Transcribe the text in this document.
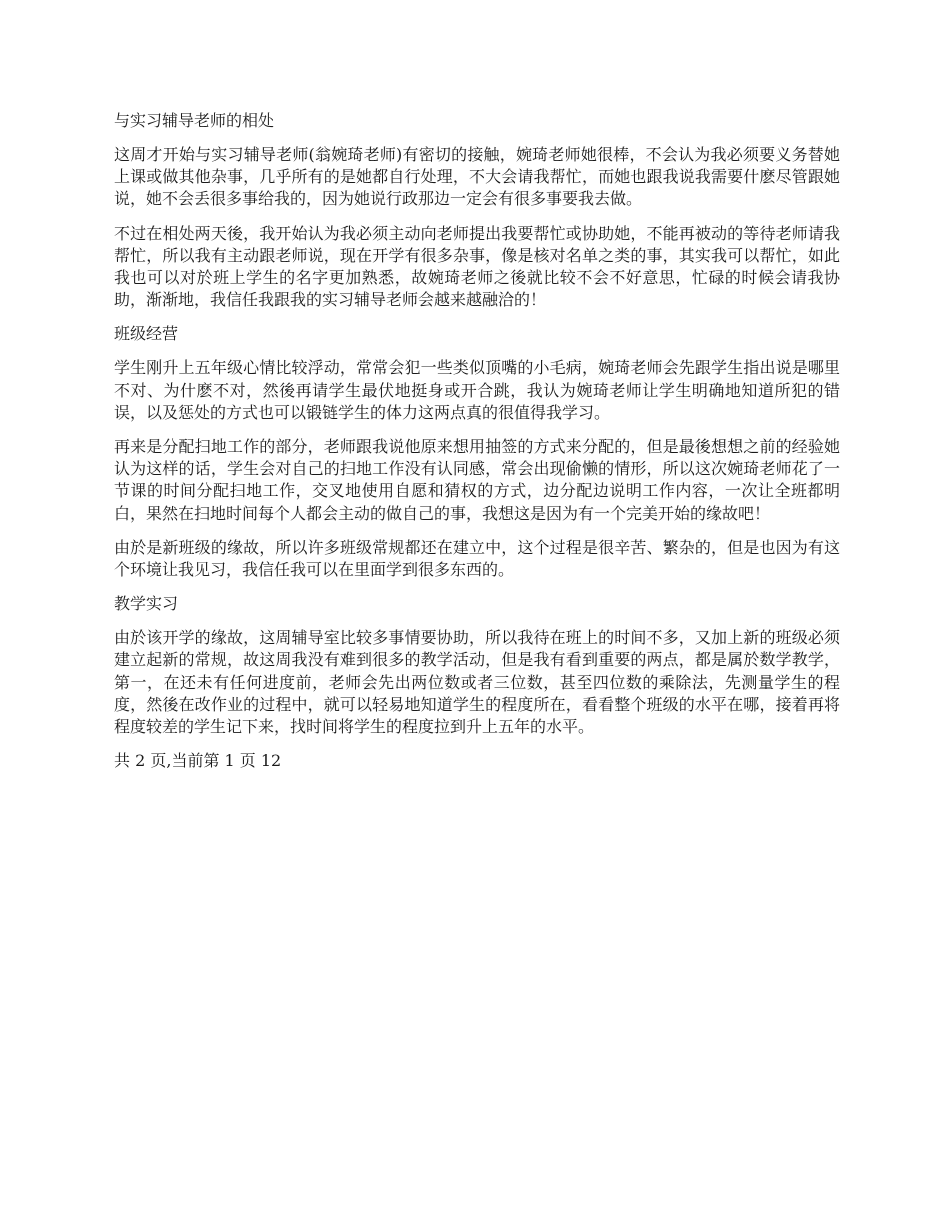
与实习辅导老师的相处

这周才开始与实习辅导老师(翁婉琦老师)有密切的接触，婉琦老师她很棒，不会认为我必须要义务替她上课或做其他杂事，几乎所有的是她都自行处理，不大会请我帮忙，而她也跟我说我需要什麽尽管跟她说，她不会丢很多事给我的，因为她说行政那边一定会有很多事要我去做。

不过在相处两天後，我开始认为我必须主动向老师提出我要帮忙或协助她，不能再被动的等待老师请我帮忙，所以我有主动跟老师说，现在开学有很多杂事，像是核对名单之类的事，其实我可以帮忙，如此我也可以对於班上学生的名字更加熟悉，故婉琦老师之後就比较不会不好意思，忙碌的时候会请我协助，渐渐地，我信任我跟我的实习辅导老师会越来越融洽的！

班级经营

学生刚升上五年级心情比较浮动，常常会犯一些类似顶嘴的小毛病，婉琦老师会先跟学生指出说是哪里不对、为什麽不对，然後再请学生最伏地挺身或开合跳，我认为婉琦老师让学生明确地知道所犯的错误，以及惩处的方式也可以锻链学生的体力这两点真的很值得我学习。

再来是分配扫地工作的部分，老师跟我说他原来想用抽签的方式来分配的，但是最後想想之前的经验她认为这样的话，学生会对自己的扫地工作没有认同感，常会出现偷懒的情形，所以这次婉琦老师花了一节课的时间分配扫地工作，交叉地使用自愿和猜权的方式，边分配边说明工作内容，一次让全班都明白，果然在扫地时间每个人都会主动的做自己的事，我想这是因为有一个完美开始的缘故吧！

由於是新班级的缘故，所以许多班级常规都还在建立中，这个过程是很辛苦、繁杂的，但是也因为有这个环境让我见习，我信任我可以在里面学到很多东西的。

教学实习

由於该开学的缘故，这周辅导室比较多事情要协助，所以我待在班上的时间不多，又加上新的班级必须建立起新的常规，故这周我没有难到很多的教学活动，但是我有看到重要的两点，都是属於数学教学，第一，在还未有任何进度前，老师会先出两位数或者三位数，甚至四位数的乘除法，先测量学生的程度，然後在改作业的过程中，就可以轻易地知道学生的程度所在，看看整个班级的水平在哪，接着再将程度较差的学生记下来，找时间将学生的程度拉到升上五年的水平。

共 2 页,当前第 1 页 12
